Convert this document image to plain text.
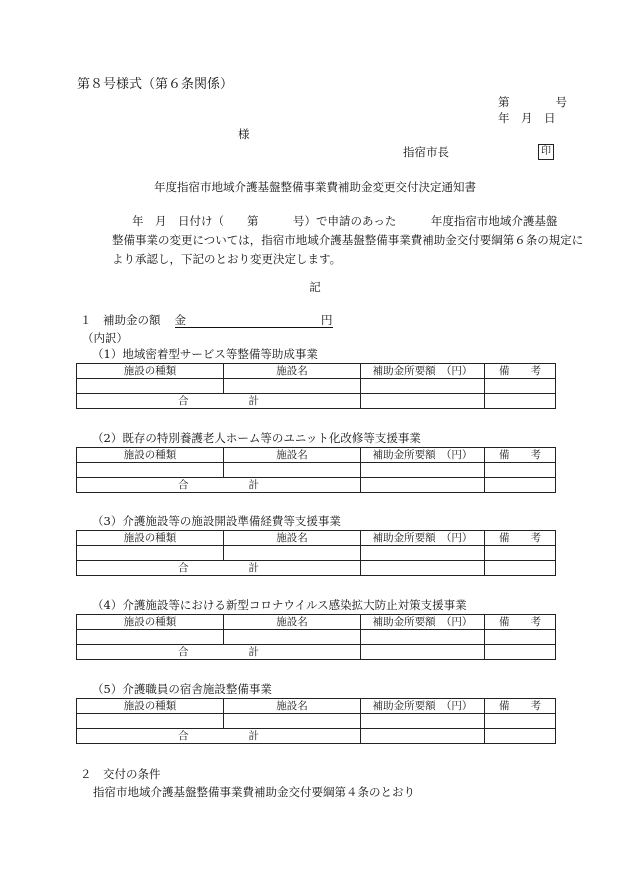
第８号様式（第６条関係）
第　　　　号
年　月　日
様
指宿市長	印
年度指宿市地域介護基盤整備事業費補助金変更交付決定通知書
年　月　日付け（　　第　　　号）で申請のあった　　　年度指宿市地域介護基盤
整備事業の変更については，指宿市地域介護基盤整備事業費補助金交付要綱第６条の規定に
より承認し，下記のとおり変更決定します。
記
１　補助金の額 金	円
（内訳）
（1）地域密着型サービス等整備等助成事業
施設の種類	施設名	補助金所要額　（円）	備　　考

合 計			
（2）既存の特別養護老人ホーム等のユニット化改修等支援事業
施設の種類	施設名	補助金所要額　（円）	備　　考

合 計			
（3）介護施設等の施設開設準備経費等支援事業
施設の種類	施設名	補助金所要額　（円）	備　　考

合 計			
（4）介護施設等における新型コロナウイルス感染拡大防止対策支援事業
施設の種類	施設名	補助金所要額　（円）	備　　考

合 計			
（5）介護職員の宿舎施設整備事業
施設の種類	施設名	補助金所要額　（円）	備　　考

合 計			
２　交付の条件
指宿市地域介護基盤整備事業費補助金交付要綱第４条のとおり
